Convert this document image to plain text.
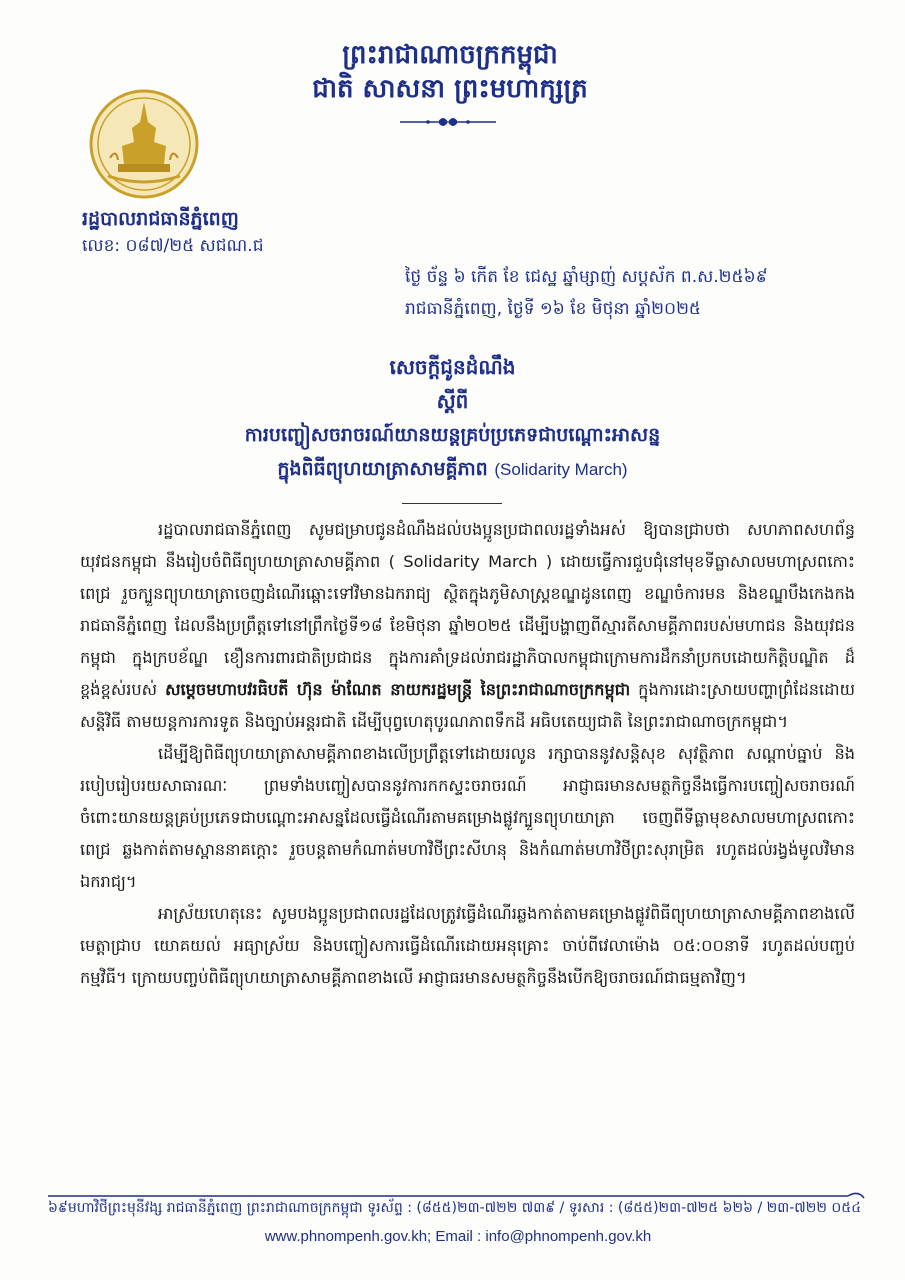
ព្រះរាជាណាចក្រកម្ពុជា
ជាតិ សាសនា ព្រះមហាក្សត្រ
រដ្ឋបាលរាជធានីភ្នំពេញ
លេខ: ០៨៧/២៥ សជណ.ជ
ថ្ងៃ ច័ន្ទ ៦ កើត ខែ ជេស្ឋ ឆ្នាំម្សាញ់ សប្តស័ក ព.ស.២៥៦៩
រាជធានីភ្នំពេញ, ថ្ងៃទី ១៦ ខែ មិថុនា ឆ្នាំ២០២៥
សេចក្តីជូនដំណឹង
ស្តីពី
ការបញ្ចៀសចរាចរណ៍យានយន្តគ្រប់ប្រភេទជាបណ្តោះអាសន្ន
ក្នុងពិធីព្យុហយាត្រាសាមគ្គីភាព (Solidarity March)

រដ្ឋបាលរាជធានីភ្នំពេញ សូមជម្រាបជូនដំណឹងដល់បងប្អូនប្រជាពលរដ្ឋទាំងអស់ ឱ្យបានជ្រាបថា សហភាពសហព័ន្ធយុវជនកម្ពុជា នឹងរៀបចំពិធីព្យុហយាត្រាសាមគ្គីភាព ( Solidarity March ) ដោយធ្វើការជួបជុំនៅមុខទីធ្លាសាលមហាស្រពកោះពេជ្រ រួចក្បួនព្យុហយាត្រាចេញដំណើរឆ្ពោះទៅវិមានឯករាជ្យ ស្ថិតក្នុងភូមិសាស្រ្តខណ្ឌដូនពេញ ខណ្ឌចំការមន និងខណ្ឌបឹងកេងកង រាជធានីភ្នំពេញ ដែលនឹងប្រព្រឹត្តទៅនៅព្រឹកថ្ងៃទី១៨ ខែមិថុនា ឆ្នាំ២០២៥ ដើម្បីបង្ហាញពីស្មារតីសាមគ្គីភាពរបស់មហាជន និងយុវជនកម្ពុជា ក្នុងក្របខ័ណ្ឌ ខឿនការពារជាតិប្រជាជន ក្នុងការគាំទ្រដល់រាជរដ្ឋាភិបាលកម្ពុជាក្រោមការដឹកនាំប្រកបដោយកិត្តិបណ្ឌិត ដ៏ខ្ពង់ខ្ពស់របស់ សម្តេចមហាបវរធិបតី ហ៊ុន ម៉ាណែត នាយករដ្ឋមន្ត្រី នៃព្រះរាជាណាចក្រកម្ពុជា ក្នុងការដោះស្រាយបញ្ហាព្រំដែនដោយសន្តិវិធី តាមយន្តការការទូត និងច្បាប់អន្តរជាតិ ដើម្បីបុព្វហេតុបូរណភាពទឹកដី អធិបតេយ្យជាតិ នៃព្រះរាជាណាចក្រកម្ពុជា។

ដើម្បីឱ្យពិធីព្យុហយាត្រាសាមគ្គីភាពខាងលើប្រព្រឹត្តទៅដោយរលូន រក្សាបាននូវសន្តិសុខ សុវត្ថិភាព សណ្តាប់ធ្នាប់ និងរបៀបរៀបរយសាធារណៈ ព្រមទាំងបញ្ចៀសបាននូវការកកស្ទះចរាចរណ៍ អាជ្ញាធរមានសមត្ថកិច្ចនឹងធ្វើការបញ្ចៀសចរាចរណ៍ចំពោះយានយន្តគ្រប់ប្រភេទជាបណ្តោះអាសន្នដែលធ្វើដំណើរតាមគម្រោងផ្លូវក្បួនព្យុហយាត្រា ចេញពីទីធ្លាមុខសាលមហាស្រពកោះពេជ្រ ឆ្លងកាត់តាមស្ពាននាគក្តោះ រួចបន្តតាមកំណាត់មហាវិថីព្រះសីហនុ និងកំណាត់មហាវិថីព្រះសុរាម្រិត រហូតដល់រង្វង់មូលវិមានឯករាជ្យ។

អាស្រ័យហេតុនេះ សូមបងប្អូនប្រជាពលរដ្ឋដែលត្រូវធ្វើដំណើរឆ្លងកាត់តាមគម្រោងផ្លូវពិធីព្យុហយាត្រាសាមគ្គីភាពខាងលើមេត្តាជ្រាប យោគយល់ អធ្យាស្រ័យ និងបញ្ចៀសការធ្វើដំណើរដោយអនុគ្រោះ ចាប់ពីវេលាម៉ោង ០៥:០០នាទី រហូតដល់បញ្ចប់កម្មវិធី។ ក្រោយបញ្ចប់ពិធីព្យុហយាត្រាសាមគ្គីភាពខាងលើ អាជ្ញាធរមានសមត្ថកិច្ចនឹងបើកឱ្យចរាចរណ៍ជាធម្មតាវិញ។

៦៩មហាវិថីព្រះមុនីវង្ស រាជធានីភ្នំពេញ ព្រះរាជាណាចក្រកម្ពុជា ទូរស័ព្ទ : (៨៥៥)២៣-៧២២ ៧៣៩ / ទូរសារ : (៨៥៥)២៣-៧២៥ ៦២៦ / ២៣-៧២២ ០៥៤
www.phnompenh.gov.kh; Email : info@phnompenh.gov.kh
